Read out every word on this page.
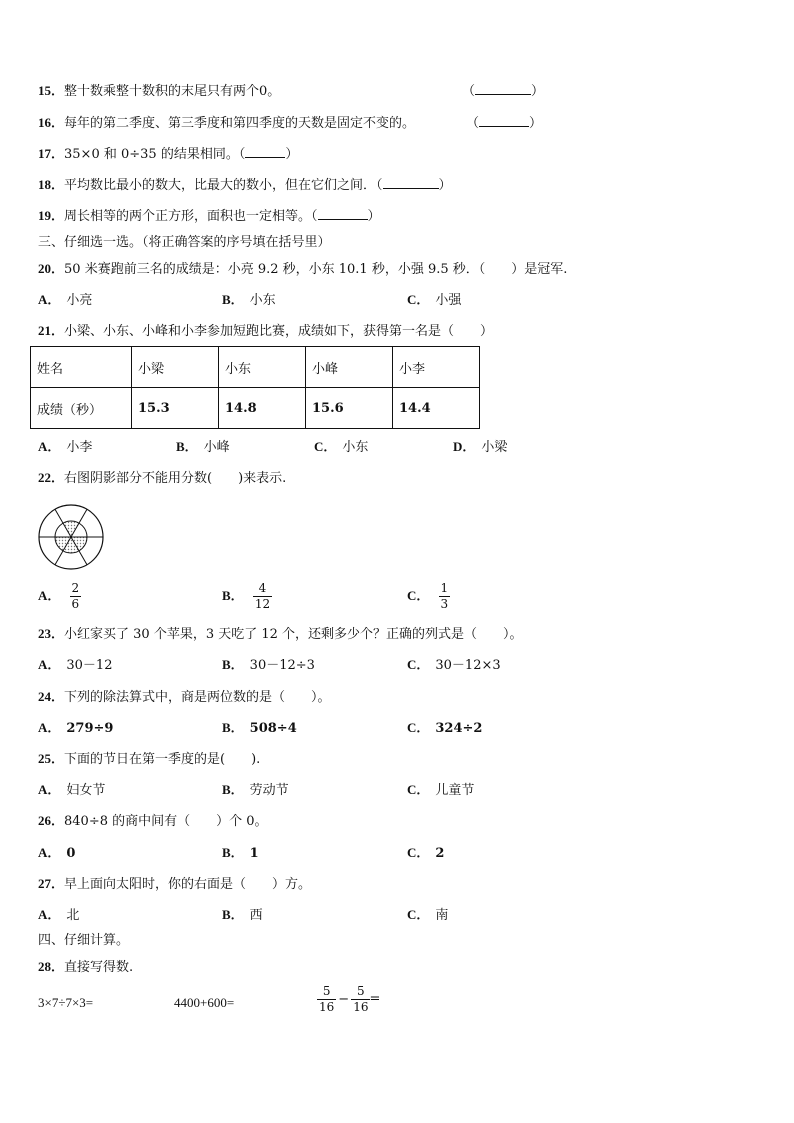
15．整十数乘整十数积的末尾只有两个0。	（	）
16．每年的第二季度、第三季度和第四季度的天数是固定不变的。	（	）
17．35×0 和 0÷35 的结果相同。（	）
18．平均数比最小的数大，比最大的数小，但在它们之间．（	）
19．周长相等的两个正方形，面积也一定相等。（	）
三、仔细选一选。（将正确答案的序号填在括号里）
20．50 米赛跑前三名的成绩是：小亮 9.2 秒，小东 10.1 秒，小强 9.5 秒．（　　）是冠军.
A． 小亮	B． 小东	C． 小强
21．小梁、小东、小峰和小李参加短跑比赛，成绩如下，获得第一名是（　　）
姓名	小梁	小东	小峰	小李
成绩（秒）	15.3	14.8	15.6	14.4
A． 小李	B． 小峰	C． 小东	D． 小梁
22．右图阴影部分不能用分数(　　)来表示.
A． $\frac{2}{6}$	B． $\frac{4}{12}$	C． $\frac{1}{3}$
23．小红家买了 30 个苹果，3 天吃了 12 个，还剩多少个？正确的列式是（　　）。
A． 30－12	B． 30－12÷3	C． 30－12×3
24．下列的除法算式中，商是两位数的是（　　）。
A． 279÷9	B． 508÷4	C． 324÷2
25．下面的节日在第一季度的是(　　).
A． 妇女节	B． 劳动节	C． 儿童节
26．840÷8 的商中间有（　　）个 0。
A． 0	B． 1	C． 2
27．早上面向太阳时，你的右面是（　　）方。
A． 北	B． 西	C． 南
四、仔细计算。
28．直接写得数.
3×7÷7×3=	4400+600=	$\frac{5}{16} - \frac{5}{16}$ =
